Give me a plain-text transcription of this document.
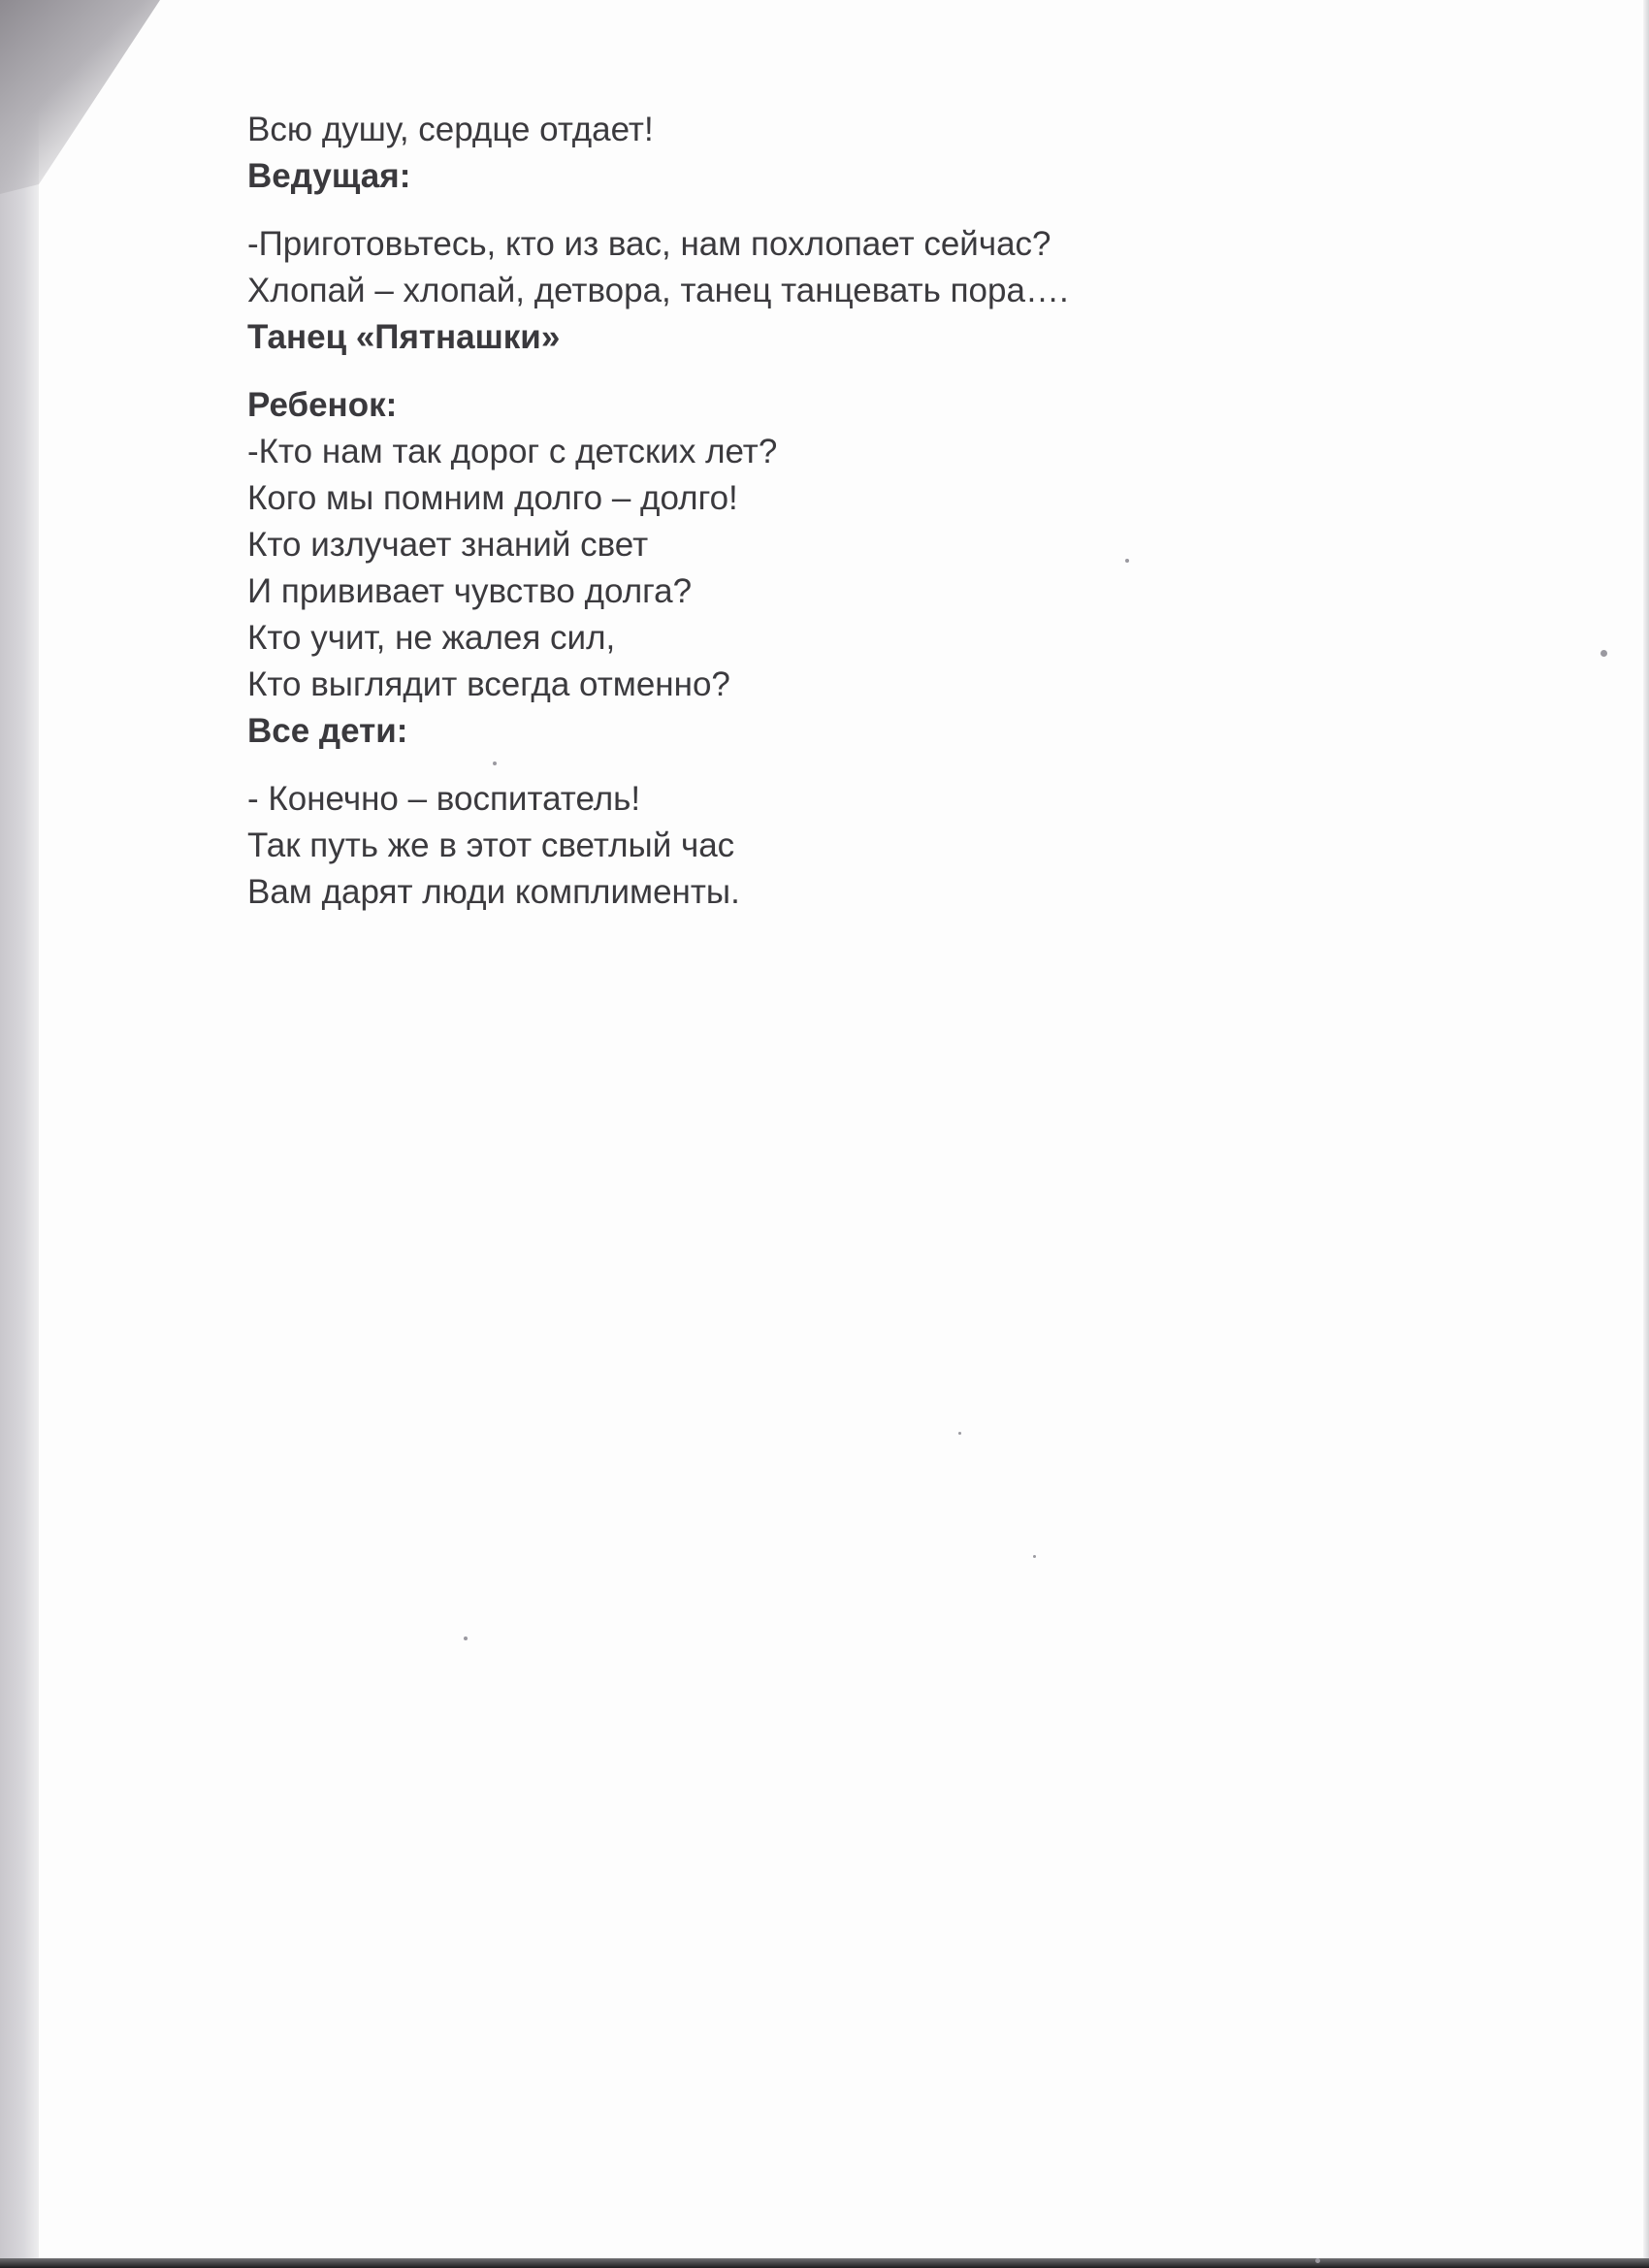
Всю душу, сердце отдает!
Ведущая:
-Приготовьтесь, кто из вас, нам похлопает сейчас?
Хлопай – хлопай, детвора, танец танцевать пора….
Танец «Пятнашки»
Ребенок:
-Кто нам так дорог с детских лет?
Кого мы помним долго – долго!
Кто излучает знаний свет
И прививает чувство долга?
Кто учит, не жалея сил,
Кто выглядит всегда отменно?
Все дети:
- Конечно – воспитатель!
Так путь же в этот светлый час
Вам дарят люди комплименты.
